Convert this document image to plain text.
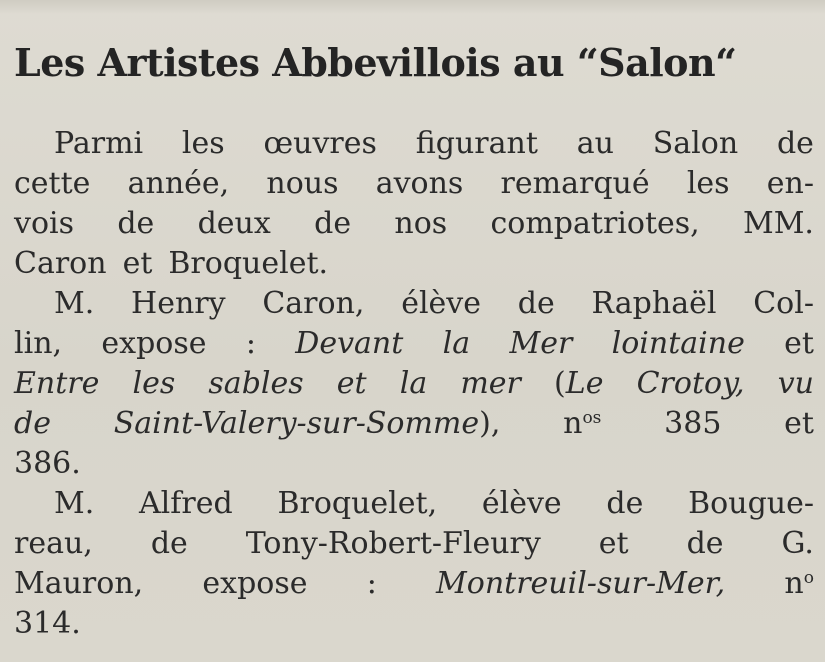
Les Artistes Abbevillois au “Salon“
Parmi les œuvres figurant au Salon de
cette année, nous avons remarqué les en-
vois de deux de nos compatriotes, MM.
Caron et Broquelet.
M. Henry Caron, élève de Raphaël Col-
lin, expose : Devant la Mer lointaine et
Entre les sables et la mer (Le Crotoy, vu
de Saint-Valery-sur-Somme), $n^{os}$ 385 et
386.
M. Alfred Broquelet, élève de Bougue-
reau, de Tony-Robert-Fleury et de G.
Mauron, expose : Montreuil-sur-Mer, $n^o$
314.
